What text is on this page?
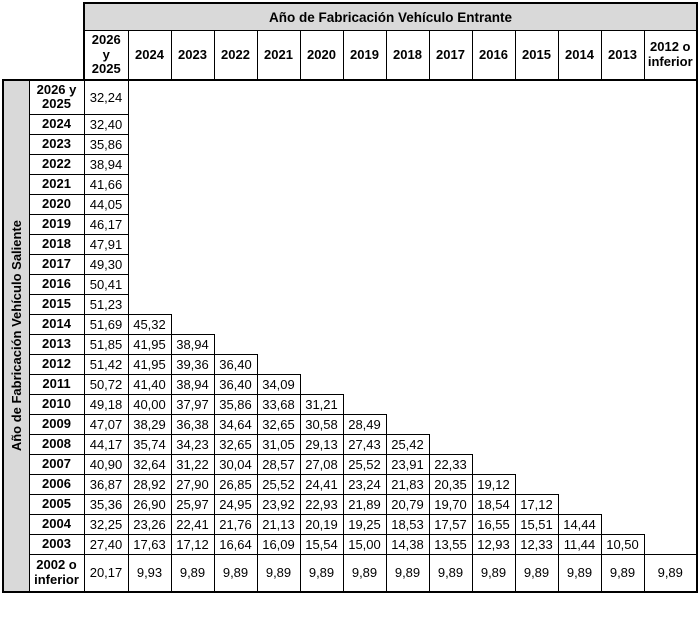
		Año de Fabricación Vehículo Entrante													
		2026 y 2025	2024	2023	2022	2021	2020	2019	2018	2017	2016	2015	2014	2013	2012 o inferior

Año de Fabricación Vehículo Saliente	2026 y 2025	32,24													
	2024	32,40													
	2023	35,86													
	2022	38,94													
	2021	41,66													
	2020	44,05													
	2019	46,17													
	2018	47,91													
	2017	49,30													
	2016	50,41													
	2015	51,23													
	2014	51,69	45,32												
	2013	51,85	41,95	38,94											
	2012	51,42	41,95	39,36	36,40										
	2011	50,72	41,40	38,94	36,40	34,09									
	2010	49,18	40,00	37,97	35,86	33,68	31,21								
	2009	47,07	38,29	36,38	34,64	32,65	30,58	28,49							
	2008	44,17	35,74	34,23	32,65	31,05	29,13	27,43	25,42						
	2007	40,90	32,64	31,22	30,04	28,57	27,08	25,52	23,91	22,33					
	2006	36,87	28,92	27,90	26,85	25,52	24,41	23,24	21,83	20,35	19,12				
	2005	35,36	26,90	25,97	24,95	23,92	22,93	21,89	20,79	19,70	18,54	17,12			
	2004	32,25	23,26	22,41	21,76	21,13	20,19	19,25	18,53	17,57	16,55	15,51	14,44		
	2003	27,40	17,63	17,12	16,64	16,09	15,54	15,00	14,38	13,55	12,93	12,33	11,44	10,50	
	2002 o inferior	20,17	9,93	9,89	9,89	9,89	9,89	9,89	9,89	9,89	9,89	9,89	9,89	9,89	9,89
